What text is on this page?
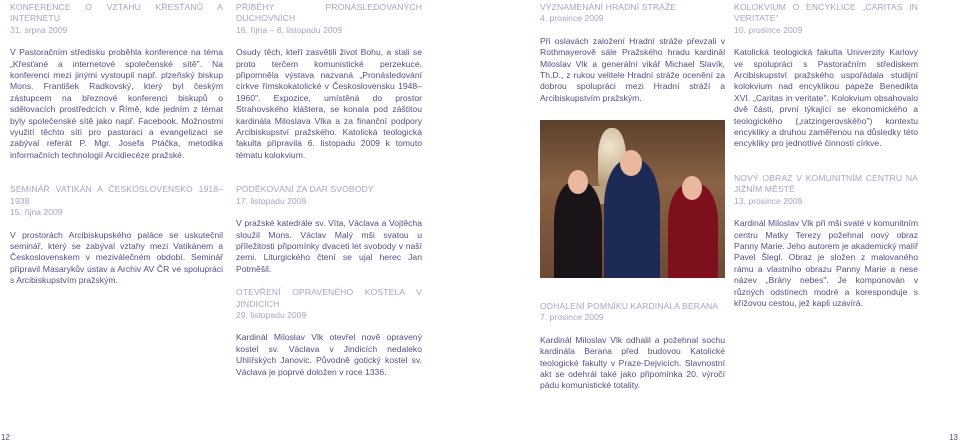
KONFERENCE O VZTAHU KŘESŤANŮ A INTERNETU

31. srpna 2009

V Pastoračním středisku proběhla konference na téma „Křesťané a internetové společenské sítě". Na konferenci mezi jinými vystoupil např. plzeňský biskup Mons. František Radkovský, který byl českým zástupcem na březnové konferenci biskupů o sdělovacích prostředcích v Římě, kde jedním z témat byly společenské sítě jako např. Facebook. Možnostmi využití těchto sítí pro pastoraci a evangelizaci se zabýval referát P. Mgr. Josefa Ptáčka, metodika informačních technologií Arcidiecéze pražské.

SEMINÁŘ VATIKÁN A ČESKOSLOVENSKO 1918–1938

15. října 2009

V prostorách Arcibiskupského paláce se uskutečnil seminář, který se zabýval vztahy mezi Vatikánem a Československem v meziválečném období. Seminář připravil Masarykův ústav a Archiv AV ČR ve spolupráci s Arcibiskupstvím pražským.

PŘÍBĚHY PRONÁSLEDOVANÝCH DUCHOVNÍCH

16. října – 8. listopadu 2009

Osudy těch, kteří zasvětili život Bohu, a stali se proto terčem komunistické perzekuce, připomněla výstava nazvaná „Pronásledování církve římskokatolické v Československu 1948–1960". Expozice, umístěná do prostor Strahovského kláštera, se konala pod záštitou kardinála Miloslava Vlka a za finanční podpory Arcibiskupství pražského. Katolická teologická fakulta připravila 6. listopadu 2009 k tomuto tématu kolokvium.

PODĚKOVÁNÍ ZA DAR SVOBODY

17. listopadu 2009

V pražské katedrále sv. Víta, Václava a Vojtěcha sloužil Mons. Václav Malý mši svatou u příležitosti připomínky dvaceti let svobody v naší zemi. Liturgického čtení se ujal herec Jan Potměšil.

OTEVŘENÍ OPRAVENÉHO KOSTELA V JINDICÍCH

29. listopadu 2009

Kardinál Miloslav Vlk otevřel nově opravený kostel sv. Václava v Jindicích nedaleko Uhlířských Janovic. Původně gotický kostel sv. Václava je poprvé doložen v roce 1336.

VYZNAMENÁNÍ HRADNÍ STRÁŽE

4. prosince 2009

Při oslavách založení Hradní stráže převzali v Rothmayerově sále Pražského hradu kardinál Miloslav Vlk a generální vikář Michael Slavík, Th.D., z rukou velitele Hradní stráže ocenění za dobrou spolupráci mezi Hradní stráží a Arcibiskupstvím pražským.

ODHALENÍ POMNÍKU KARDINÁLA BERANA

7. prosince 2009

Kardinál Miloslav Vlk odhalil a požehnal sochu kardinála Berana před budovou Katolické teologické fakulty v Praze-Dejvicích. Slavnostní akt se odehrál také jako připomínka 20. výročí pádu komunistické totality.

KOLOKVIUM O ENCYKLICE „CARITAS IN VERITATE"

10. prosince 2009

Katolická teologická fakulta Univerzity Karlovy ve spolupráci s Pastoračním střediskem Arcibiskupství pražského uspořádala studijní kolokvium nad encyklikou papeže Benedikta XVI. „Caritas in veritate". Kolokvium obsahovalo dvě části, první týkající se ekonomického a teologického („ratzingerovského") kontextu encykliky a druhou zaměřenou na důsledky této encykliky pro jednotlivé činnosti církve.

NOVÝ OBRAZ V KOMUNITNÍM CENTRU NA JIŽNÍM MĚSTĚ

13. prosince 2009

Kardinál Miloslav Vlk při mši svaté v komunitním centru Matky Terezy požehnal nový obraz Panny Marie. Jeho autorem je akademický malíř Pavel Šlegl. Obraz je složen z malovaného rámu a vlastního obrazu Panny Marie a nese název „Brány nebes". Je komponován v různých odstínech modré a koresponduje s křížovou cestou, jež kapli uzavírá.

12	13
